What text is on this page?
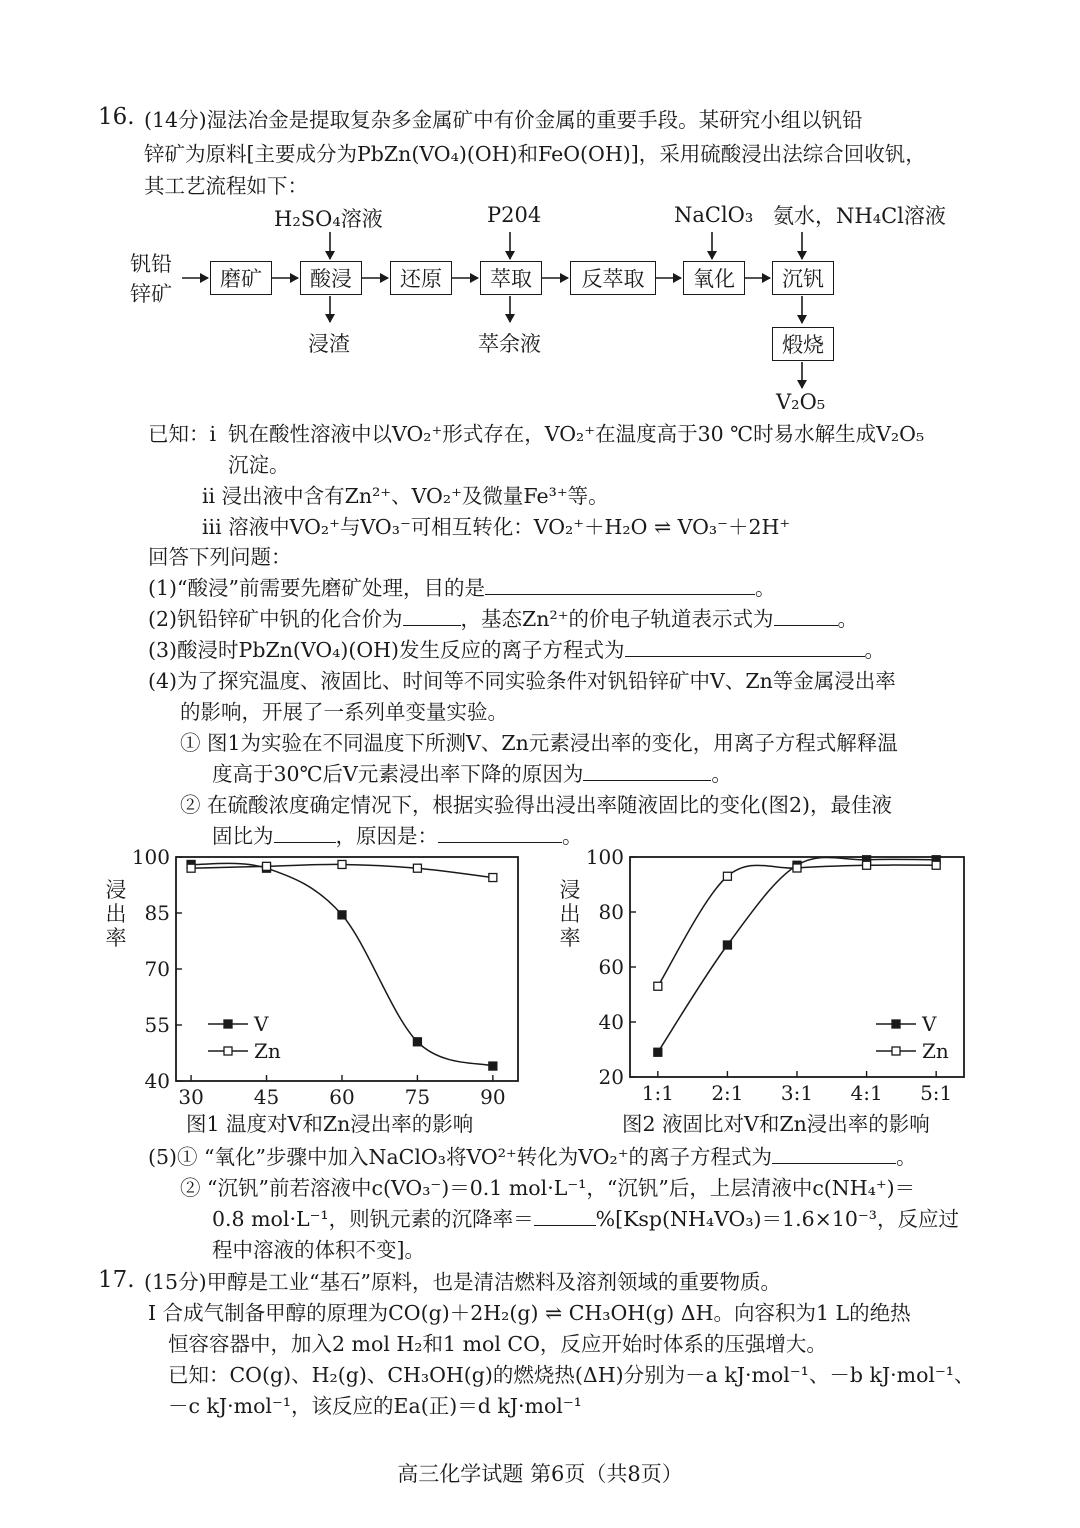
16. (14分)湿法冶金是提取复杂多金属矿中有价金属的重要手段。某研究小组以钒铅
锌矿为原料[主要成分为PbZn(VO₄)(OH)和FeO(OH)]，采用硫酸浸出法综合回收钒，
其工艺流程如下：
钒铅
锌矿
磨矿	酸浸	还原	萃取	反萃取	氧化	沉钒
煅烧
H₂SO₄溶液	P204	NaClO₃ 氨水，NH₄Cl溶液
浸渣	萃余液
V₂O₅
已知：i 钒在酸性溶液中以VO₂⁺形式存在，VO₂⁺在温度高于30 ℃时易水解生成V₂O₅
沉淀。
ii 浸出液中含有Zn²⁺、VO₂⁺及微量Fe³⁺等。
iii 溶液中VO₂⁺与VO₃⁻可相互转化：VO₂⁺＋H₂O ⇌ VO₃⁻＋2H⁺
回答下列问题：
(1)“酸浸”前需要先磨矿处理，目的是	。
(2)钒铅锌矿中钒的化合价为	，基态Zn²⁺的价电子轨道表示式为	。
(3)酸浸时PbZn(VO₄)(OH)发生反应的离子方程式为	。
(4)为了探究温度、液固比、时间等不同实验条件对钒铅锌矿中V、Zn等金属浸出率
的影响，开展了一系列单变量实验。
① 图1为实验在不同温度下所测V、Zn元素浸出率的变化，用离子方程式解释温
度高于30℃后V元素浸出率下降的原因为	。
② 在硫酸浓度确定情况下，根据实验得出浸出率随液固比的变化(图2)，最佳液
固比为	，原因是：	。
100
85
70
55
40
30 45 60 75 90
浸出率
V
Zn
100
80
60
40
20
1:1 2:1 3:1 4:1 5:1
浸出率
V
Zn
图1 温度对V和Zn浸出率的影响	图2 液固比对V和Zn浸出率的影响
(5)① “氧化”步骤中加入NaClO₃将VO²⁺转化为VO₂⁺的离子方程式为	。
② “沉钒”前若溶液中c(VO₃⁻)＝0.1 mol·L⁻¹，“沉钒”后，上层清液中c(NH₄⁺)＝
0.8 mol·L⁻¹，则钒元素的沉降率＝	%[Ksp(NH₄VO₃)＝1.6×10⁻³，反应过
程中溶液的体积不变]。
17. (15分)甲醇是工业“基石”原料，也是清洁燃料及溶剂领域的重要物质。
I 合成气制备甲醇的原理为CO(g)＋2H₂(g) ⇌ CH₃OH(g) ΔH。向容积为1 L的绝热
恒容容器中，加入2 mol H₂和1 mol CO，反应开始时体系的压强增大。
已知：CO(g)、H₂(g)、CH₃OH(g)的燃烧热(ΔH)分别为－a kJ·mol⁻¹、－b kJ·mol⁻¹、
－c kJ·mol⁻¹，该反应的Ea(正)＝d kJ·mol⁻¹
高三化学试题 第6页（共8页）
